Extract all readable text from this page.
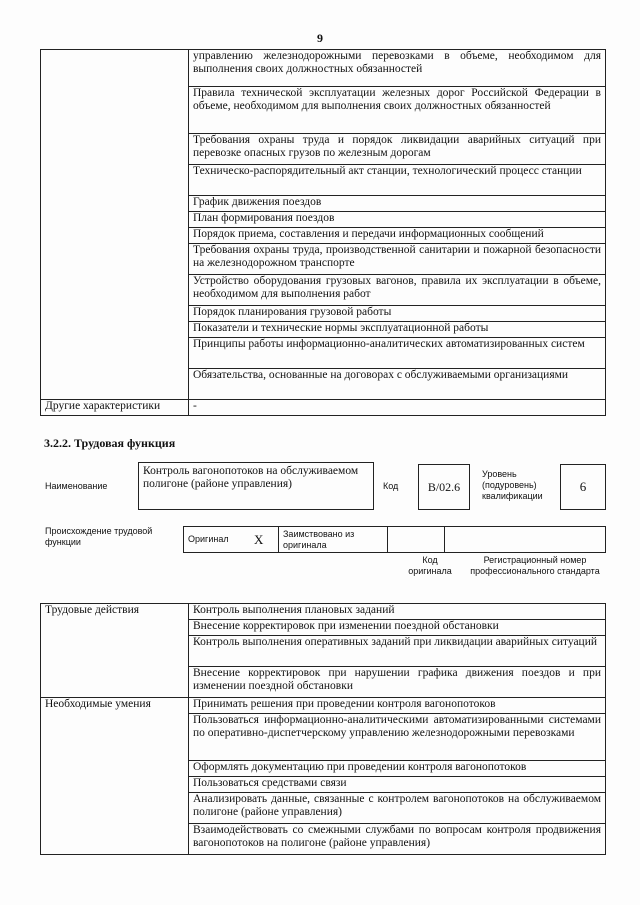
9
	управлению железнодорожными перевозками в объеме, необходимом для выполнения своих должностных обязанностей
	Правила технической эксплуатации железных дорог Российской Федерации в объеме, необходимом для выполнения своих должностных обязанностей
	Требования охраны труда и порядок ликвидации аварийных ситуаций при перевозке опасных грузов по железным дорогам
	Техническо-распорядительный акт станции, технологический процесс станции
	График движения поездов
	План формирования поездов
	Порядок приема, составления и передачи информационных сообщений
	Требования охраны труда, производственной санитарии и пожарной безопасности на железнодорожном транспорте
	Устройство оборудования грузовых вагонов, правила их эксплуатации в объеме, необходимом для выполнения работ
	Порядок планирования грузовой работы
	Показатели и технические нормы эксплуатационной работы
	Принципы работы информационно-аналитических автоматизированных систем
	Обязательства, основанные на договорах с обслуживаемыми организациями
Другие характеристики	-
3.2.2. Трудовая функция
Наименование
Контроль вагонопотоков на обслуживаемом полигоне (районе управления)	Код B/02.6
Уровень (подуровень) квалификации
6
Происхождение трудовой функции	Оригинал	X	Заимствовано из оригинала		
Код оригинала
Регистрационный номер профессионального стандарта
Трудовые действия	Контроль выполнения плановых заданий
	Внесение корректировок при изменении поездной обстановки
	Контроль выполнения оперативных заданий при ликвидации аварийных ситуаций
	Внесение корректировок при нарушении графика движения поездов и при изменении поездной обстановки
Необходимые умения	Принимать решения при проведении контроля вагонопотоков
	Пользоваться информационно-аналитическими автоматизированными системами по оперативно-диспетчерскому управлению железнодорожными перевозками
	Оформлять документацию при проведении контроля вагонопотоков
	Пользоваться средствами связи
	Анализировать данные, связанные с контролем вагонопотоков на обслуживаемом полигоне (районе управления)
	Взаимодействовать со смежными службами по вопросам контроля продвижения вагонопотоков на полигоне (районе управления)
